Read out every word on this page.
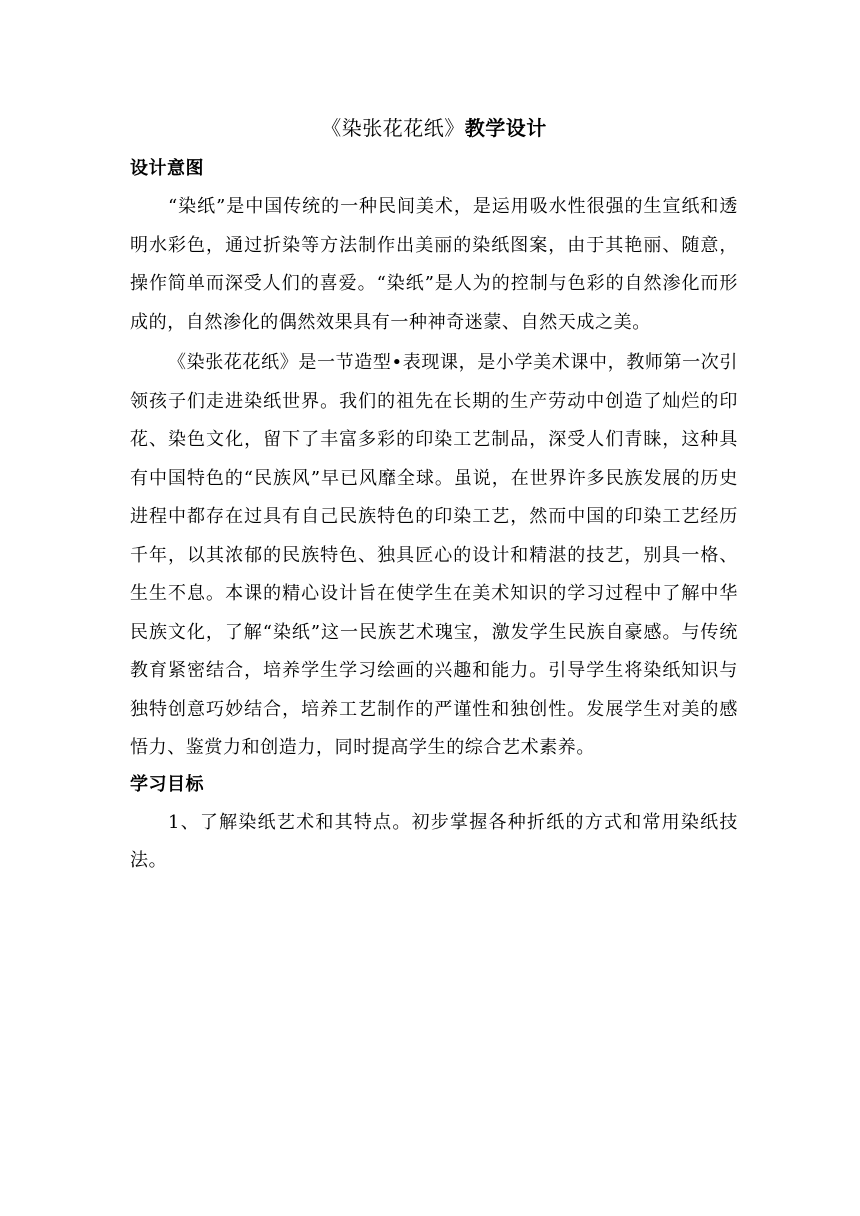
《染张花花纸》教学设计
设计意图

“染纸”是中国传统的一种民间美术，是运用吸水性很强的生宣纸和透明水彩色，通过折染等方法制作出美丽的染纸图案，由于其艳丽、随意，操作简单而深受人们的喜爱。“染纸”是人为的控制与色彩的自然渗化而形成的，自然渗化的偶然效果具有一种神奇迷蒙、自然天成之美。

《染张花花纸》是一节造型•表现课，是小学美术课中，教师第一次引领孩子们走进染纸世界。我们的祖先在长期的生产劳动中创造了灿烂的印花、染色文化，留下了丰富多彩的印染工艺制品，深受人们青睐，这种具有中国特色的“民族风”早已风靡全球。虽说，在世界许多民族发展的历史进程中都存在过具有自己民族特色的印染工艺，然而中国的印染工艺经历千年，以其浓郁的民族特色、独具匠心的设计和精湛的技艺，别具一格、生生不息。本课的精心设计旨在使学生在美术知识的学习过程中了解中华民族文化，了解“染纸”这一民族艺术瑰宝，激发学生民族自豪感。与传统教育紧密结合，培养学生学习绘画的兴趣和能力。引导学生将染纸知识与独特创意巧妙结合，培养工艺制作的严谨性和独创性。发展学生对美的感悟力、鉴赏力和创造力，同时提高学生的综合艺术素养。

学习目标

1、了解染纸艺术和其特点。初步掌握各种折纸的方式和常用染纸技法。
